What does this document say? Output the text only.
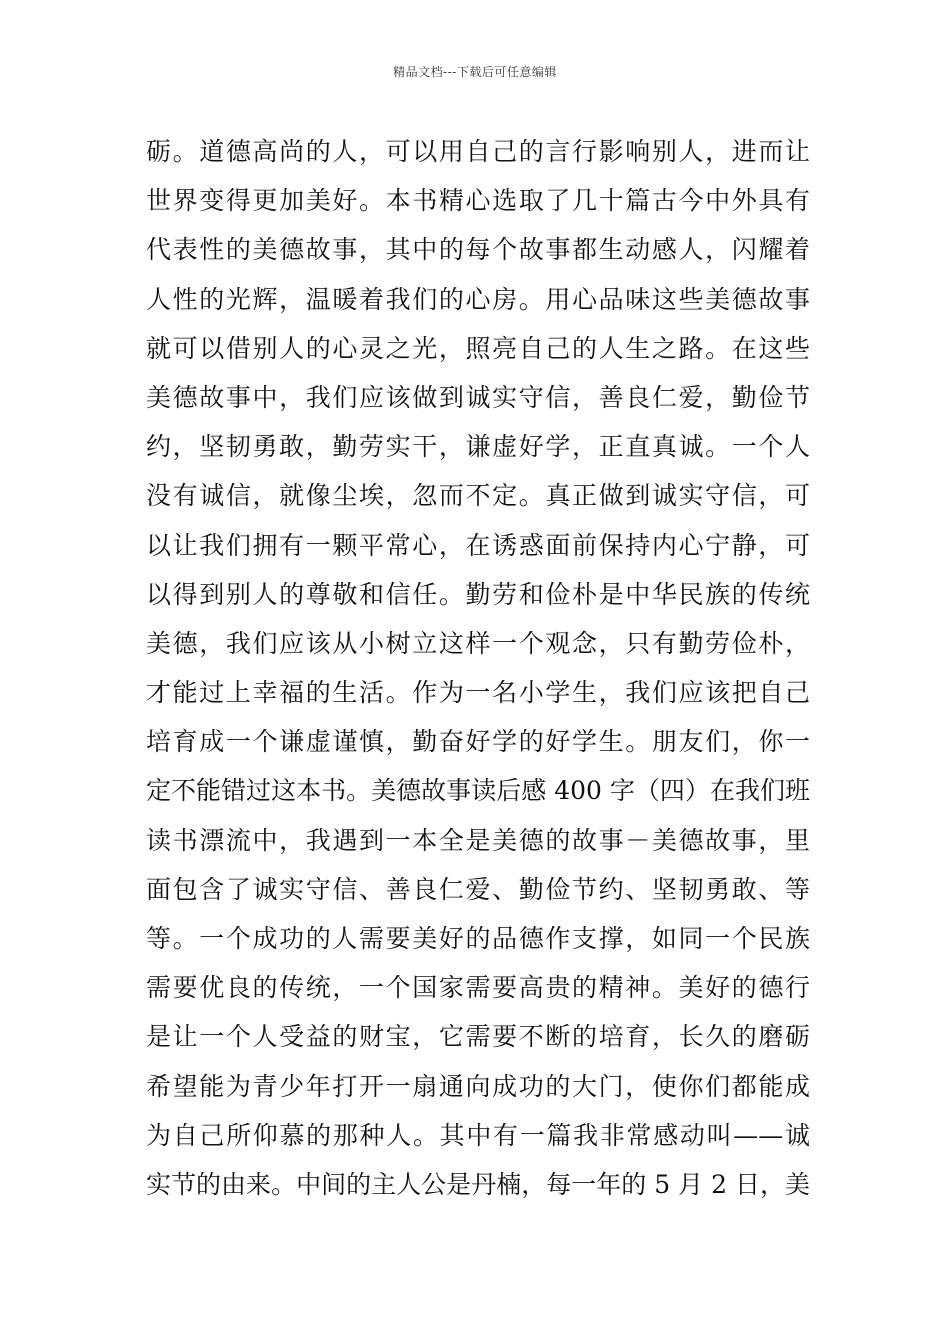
精品文档---下载后可任意编辑
砺。道德高尚的人，可以用自己的言行影响别人，进而让
世界变得更加美好。本书精心选取了几十篇古今中外具有
代表性的美德故事，其中的每个故事都生动感人，闪耀着
人性的光辉，温暖着我们的心房。用心品味这些美德故事
就可以借别人的心灵之光，照亮自己的人生之路。在这些
美德故事中，我们应该做到诚实守信，善良仁爱，勤俭节
约，坚韧勇敢，勤劳实干，谦虚好学，正直真诚。一个人
没有诚信，就像尘埃，忽而不定。真正做到诚实守信，可
以让我们拥有一颗平常心，在诱惑面前保持内心宁静，可
以得到别人的尊敬和信任。勤劳和俭朴是中华民族的传统
美德，我们应该从小树立这样一个观念，只有勤劳俭朴，
才能过上幸福的生活。作为一名小学生，我们应该把自己
培育成一个谦虚谨慎，勤奋好学的好学生。朋友们，你一
定不能错过这本书。美德故事读后感 400 字（四）在我们班
读书漂流中，我遇到一本全是美德的故事－美德故事，里
面包含了诚实守信、善良仁爱、勤俭节约、坚韧勇敢、等
等。一个成功的人需要美好的品德作支撑，如同一个民族
需要优良的传统，一个国家需要高贵的精神。美好的德行
是让一个人受益的财宝，它需要不断的培育，长久的磨砺
希望能为青少年打开一扇通向成功的大门，使你们都能成
为自己所仰慕的那种人。其中有一篇我非常感动叫——诚
实节的由来。中间的主人公是丹楠，每一年的 5 月 2 日，美
